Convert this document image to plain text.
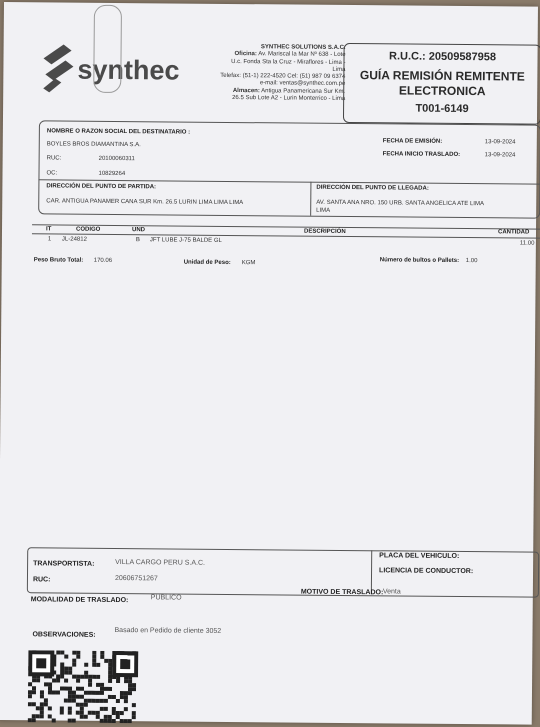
synthec
SYNTHEC SOLUTIONS S.A.C.
Oficina: Av. Mariscal la Mar Nº 638 - Lote
U.c. Fonda Sta la Cruz - Miraflores - Lima -
Lima
Telefax: (51-1) 222-4520 Cel: (51) 987 09 6374
e-mail: ventas@synthec.com.pe
Almacen: Antigua Panamericana Sur Km.
26.5 Sub Lote A2 - Lurin Monterrico - Lima
R.U.C.: 20509587958
GUÍA REMISIÓN REMITENTE
ELECTRONICA
T001-6149
NOMBRE O RAZON SOCIAL DEL DESTINATARIO :
BOYLES BROS DIAMANTINA S.A.
RUC:	20100060311
OC:	10829264
FECHA DE EMISIÓN:	13-09-2024
FECHA INICIO TRASLADO:	13-09-2024
DIRECCIÓN DEL PUNTO DE PARTIDA:
CAR. ANTIGUA PANAMER CANA SUR Km. 26.5 LURIN LIMA LIMA LIMA
DIRECCIÓN DEL PUNTO DE LLEGADA:
AV. SANTA ANA NRO. 150 URB. SANTA ANGELICA ATE LIMA
LIMA
IT	CODIGO	UND	DESCRIPCIÓN	CANTIDAD
1 JL-24812	B JFT LUBE J-75 BALDE GL	11.00
Peso Bruto Total: 170.06	Unidad de Peso: KGM	Número de bultos o Pallets: 1.00
TRANSPORTISTA:	VILLA CARGO PERU S.A.C.
RUC:	20606751267
PLACA DEL VEHICULO:
LICENCIA DE CONDUCTOR:
MODALIDAD DE TRASLADO:	PUBLICO
MOTIVO DE TRASLADO: Venta
OBSERVACIONES:
Basado en Pedido de cliente 3052
